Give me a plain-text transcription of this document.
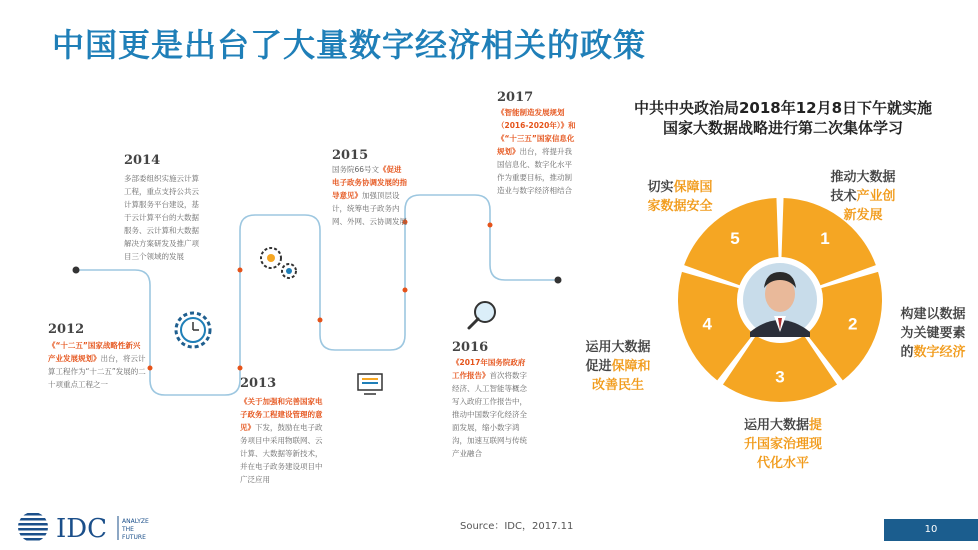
中国更是出台了大量数字经济相关的政策
2012
《“十二五”国家战略性新兴产业发展规划》出台，将云计算工程作为“十二五”发展的二十项重点工程之一	2013
《关于加强和完善国家电子政务工程建设管理的意见》下发，鼓励在电子政务项目中采用物联网、云计算、大数据等新技术，并在电子政务建设项目中广泛应用
2014
多部委组织实施云计算工程，重点支持公共云计算服务平台建设，基于云计算平台的大数据服务、云计算和大数据解决方案研发及推广项目三个领域的发展
2015
国务院66号文《促进电子政务协调发展的指导意见》加强顶层设计，统筹电子政务内网、外网、云协调发展
2016
《2017年国务院政府工作报告》首次将数字经济、人工智能等概念写入政府工作报告中，推动中国数字化经济全面发展，缩小数字鸿沟，加速互联网与传统产业融合
2017
《智能制造发展规划（2016-2020年）》和《“十三五”国家信息化规划》出台，将提升我国信息化、数字化水平作为重要目标，推动制造业与数字经济相结合
中共中央政治局2018年12月8日下午就实施
国家大数据战略进行第二次集体学习
1
2
3
4
5
推动大数据
技术产业创
新发展
构建以数据
为关键要素
的数字经济
运用大数据提
升国家治理现
代化水平
运用大数据
促进保障和
改善民生
切实保障国
家数据安全
IDC ANALYZE
THE
FUTURE
Source：IDC，2017.11	10
